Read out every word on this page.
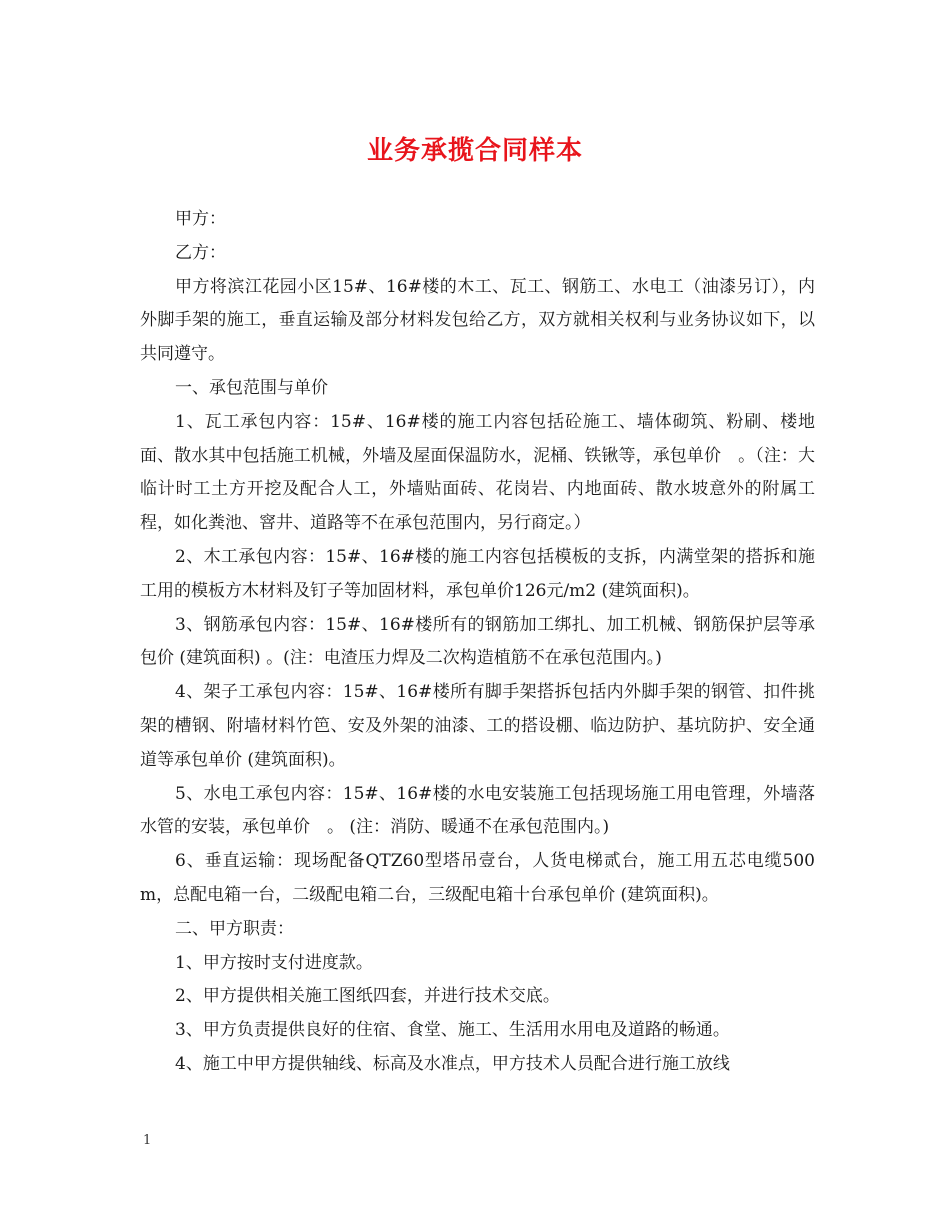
业务承揽合同样本

甲方：

乙方：

甲方将滨江花园小区15#、16#楼的木工、瓦工、钢筋工、水电工（油漆另订），内外脚手架的施工，垂直运输及部分材料发包给乙方，双方就相关权利与业务协议如下，以共同遵守。

一、承包范围与单价

1、瓦工承包内容：15#、16#楼的施工内容包括砼施工、墙体砌筑、粉刷、楼地面、散水其中包括施工机械，外墙及屋面保温防水，泥桶、铁锹等，承包单价　。（注：大临计时工土方开挖及配合人工，外墙贴面砖、花岗岩、内地面砖、散水坡意外的附属工程，如化粪池、窨井、道路等不在承包范围内，另行商定。）

2、木工承包内容：15#、16#楼的施工内容包括模板的支拆，内满堂架的搭拆和施工用的模板方木材料及钉子等加固材料，承包单价126元/m2 (建筑面积)。

3、钢筋承包内容：15#、16#楼所有的钢筋加工绑扎、加工机械、钢筋保护层等承包价 (建筑面积) 。(注：电渣压力焊及二次构造植筋不在承包范围内。)

4、架子工承包内容：15#、16#楼所有脚手架搭拆包括内外脚手架的钢管、扣件挑架的槽钢、附墙材料竹笆、安及外架的油漆、工的搭设棚、临边防护、基坑防护、安全通道等承包单价 (建筑面积)。

5、水电工承包内容：15#、16#楼的水电安装施工包括现场施工用电管理，外墙落水管的安装，承包单价　。 (注：消防、暖通不在承包范围内。)

6、垂直运输：现场配备QTZ60型塔吊壹台，人货电梯贰台，施工用五芯电缆500m，总配电箱一台，二级配电箱二台，三级配电箱十台承包单价 (建筑面积)。

二、甲方职责：

1、甲方按时支付进度款。

2、甲方提供相关施工图纸四套，并进行技术交底。

3、甲方负责提供良好的住宿、食堂、施工、生活用水用电及道路的畅通。

4、施工中甲方提供轴线、标高及水准点，甲方技术人员配合进行施工放线

1
